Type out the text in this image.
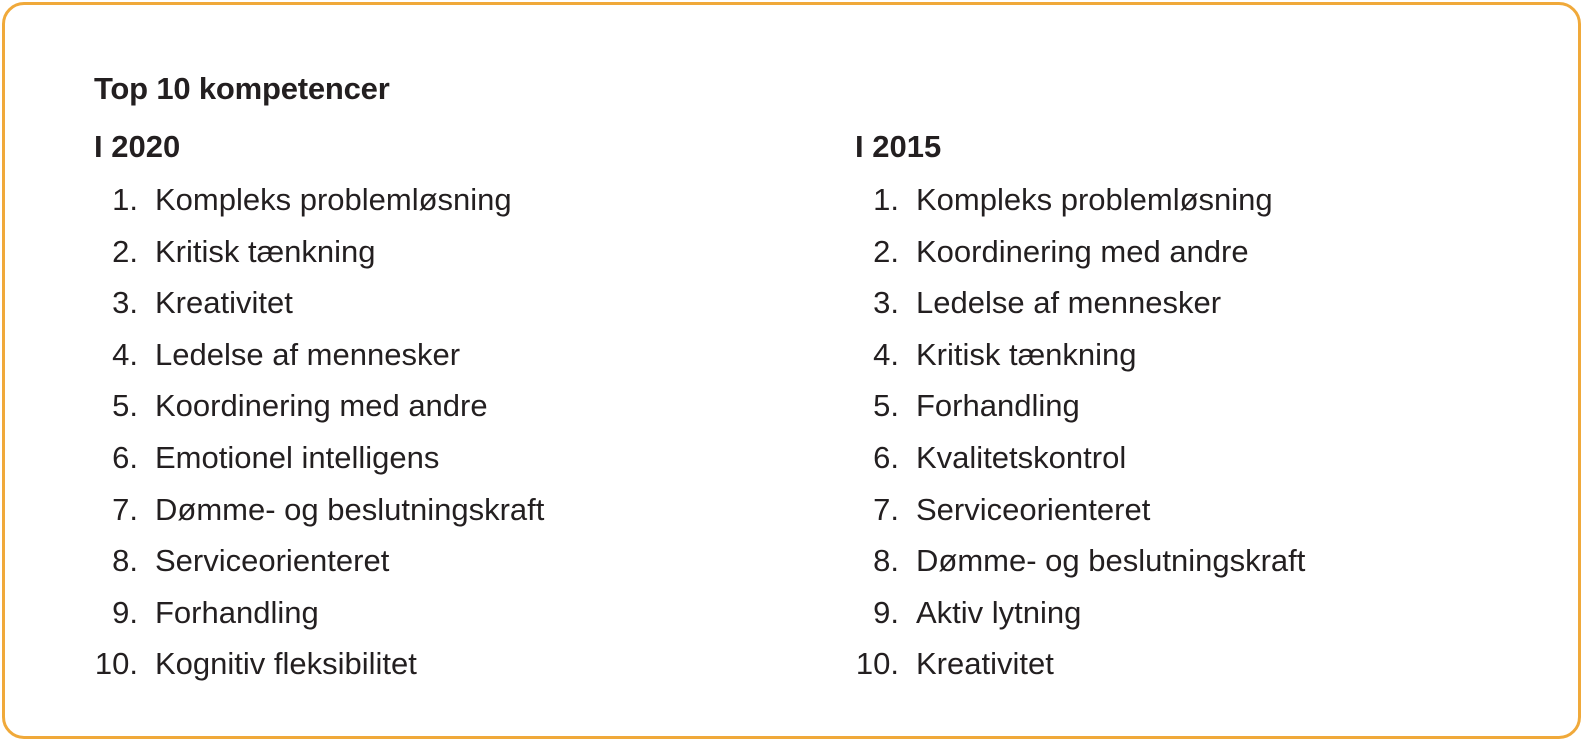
Top 10 kompetencer
I 2020
1. Kompleks problemløsning
2. Kritisk tænkning
3. Kreativitet
4. Ledelse af mennesker
5. Koordinering med andre
6. Emotionel intelligens
7. Dømme- og beslutningskraft
8. Serviceorienteret
9. Forhandling
10. Kognitiv fleksibilitet
I 2015
1. Kompleks problemløsning
2. Koordinering med andre
3. Ledelse af mennesker
4. Kritisk tænkning
5. Forhandling
6. Kvalitetskontrol
7. Serviceorienteret
8. Dømme- og beslutningskraft
9. Aktiv lytning
10. Kreativitet
